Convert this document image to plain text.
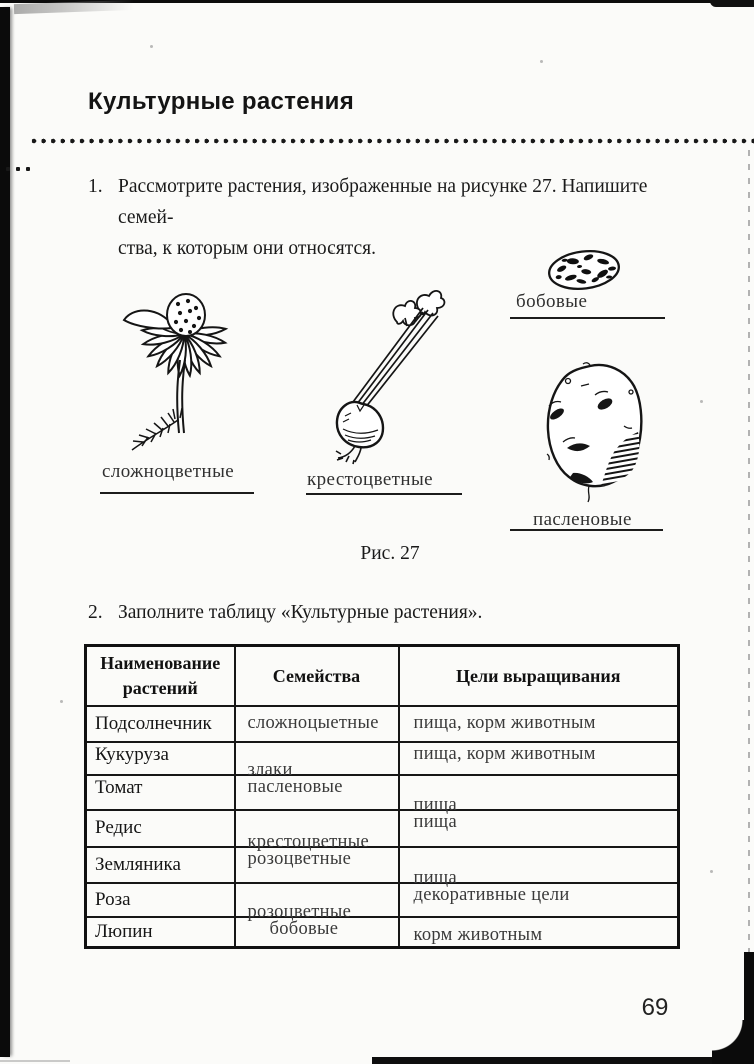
Культурные растения
1. Рассмотрите растения, изображенные на рисунке 27. Напишите семей-
ства, к которым они относятся.
сложноцветные	крестоцветные
бобовые
пасленовые
Рис. 27
2. Заполните таблицу «Культурные растения».
Наименование растений	Семейства	Цели выращивания
Подсолнечник	сложноцыетные	пища, корм животным
Кукуруза	злаки	пища, корм животным
Томат	пасленовые	пища
Редис	крестоцветные	пища
Земляника	розоцветные	пища
Роза	розоцветные	декоративные цели
Люпин	бобовые	корм животным
69
